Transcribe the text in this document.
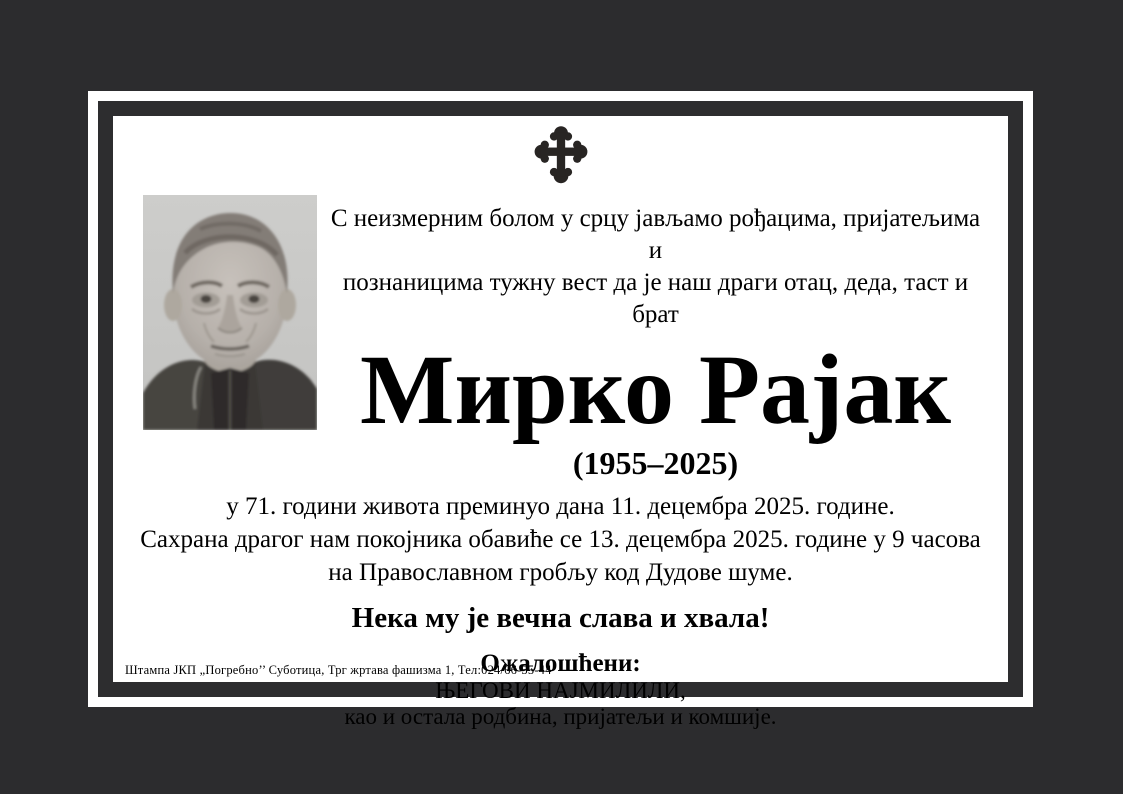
С неизмерним болом у срцу јављамо рођацима, пријатељима и
познаницима тужну вест да је наш драги отац, деда, таст и брат

Мирко Рајак
(1955–2025)

у 71. години живота преминуо дана 11. децембра 2025. године.
Сахрана драгог нам покојника обавиће се 13. децембра 2025. године у 9 часова
на Православном гробљу код Дудове шуме.

Нека му је вечна слава и хвала!

Ожалошћени:
ЊЕГОВИ НАЈМИЛИЛИ,
као и остала родбина, пријатељи и комшије.
Штампа ЈКП „Погребно’’ Суботица, Трг жртава фашизма 1, Тел:024/66-55-44
